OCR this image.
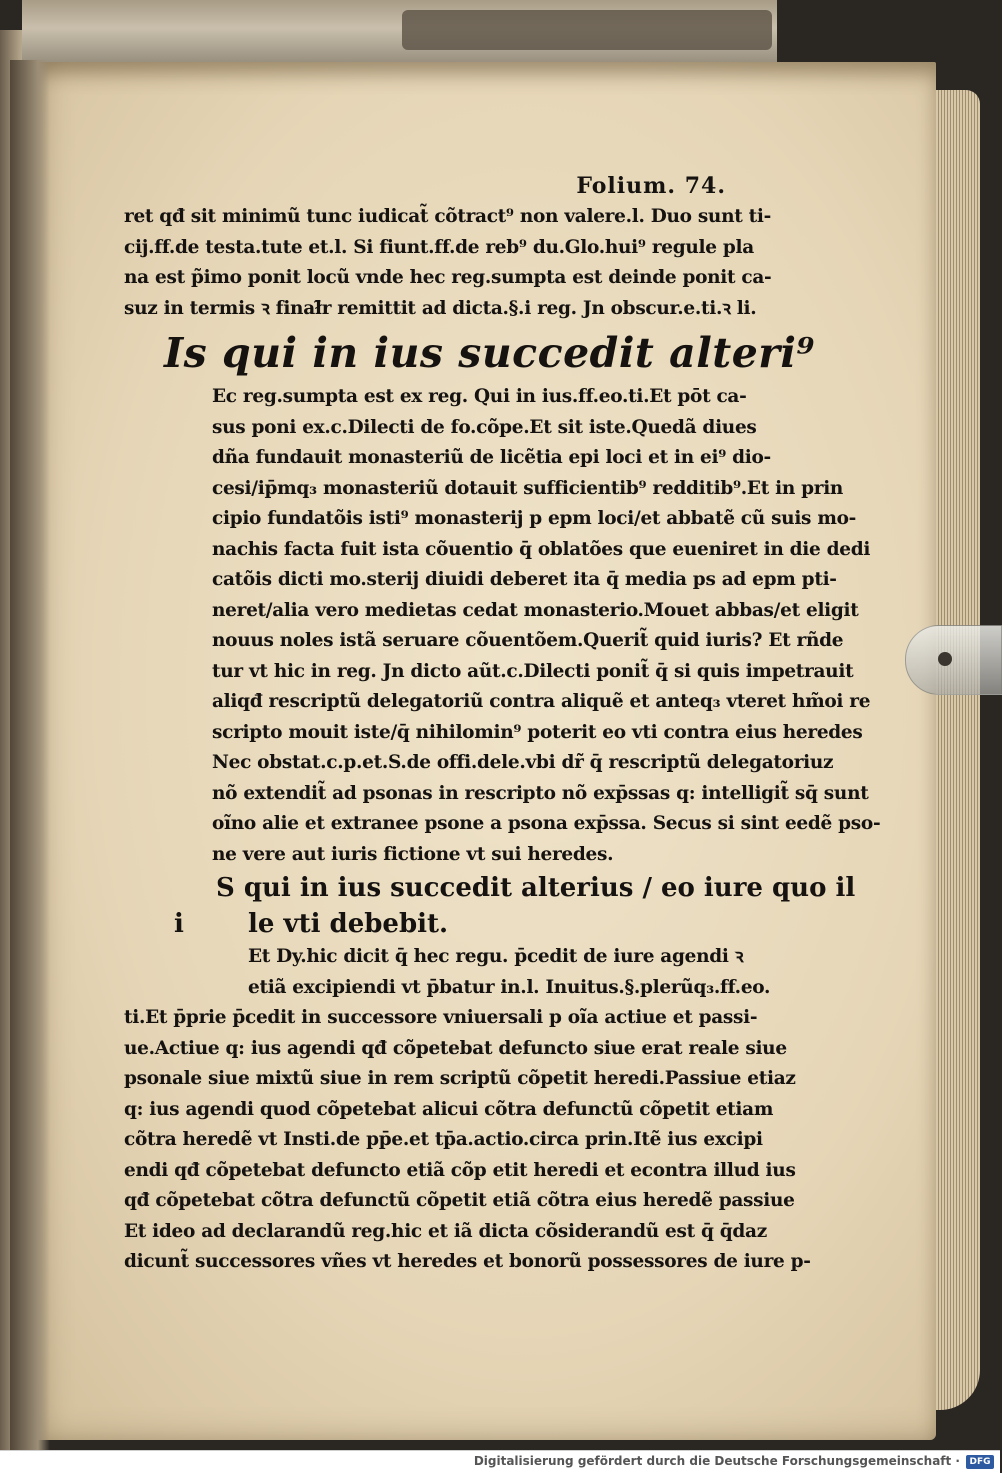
Folium. 74.
ret qđ sit minimũ tunc iudicat̃ cõtract⁹ non valere.l. Duo sunt ti-
cij.ff.de testa.tute et.l. Si fiunt.ff.de reb⁹ du.Glo.hui⁹ regule pla
na est p̃imo ponit locũ vnde hec reg.sumpta est deinde ponit ca-
suz in termis ꝛ finał̃r remittit ad dicta.§.i reg. Jn obscur.e.ti.ꝛ li.
Is qui in ius succedit alteri⁹
Ec reg.sumpta est ex reg. Qui in ius.ff.eo.ti.Et pōt ca-
sus poni ex.c.Dilecti de fo.cõpe.Et sit iste.Quedã diues
dña fundauit monasteriũ de licẽtia epi loci et in ei⁹ dio-
cesi/ip̄mq₃ monasteriũ dotauit sufficientib⁹ redditib⁹.Et in prin
cipio fundatõis isti⁹ monasterij p epm loci/et abbatẽ cũ suis mo-
nachis facta fuit ista cõuentio q̄ oblatões que eueniret in die dedi
catõis dicti mo.sterij diuidi deberet ita q̄ media ps ad epm pti-
neret/alia vero medietas cedat monasterio.Mouet abbas/et eligit
nouus noles istã seruare cõuentõem.Querit̃ quid iuris? Et rñde
tur vt hic in reg. Jn dicto aũt.c.Dilecti ponit̃ q̄ si quis impetrauit
aliqđ rescriptũ delegatoriũ contra aliquẽ et anteq₃ vteret hm̃oi re
scripto mouit iste/q̄ nihilomin⁹ poterit eo vti contra eius heredes
Nec obstat.c.p.et.S.de offi.dele.vbi dr̃ q̄ rescriptũ delegatoriuz
nõ extendit̃ ad psonas in rescripto nõ exp̄ssas q: intelligit̃ sq̄ sunt
oĩno alie et extranee psone a psona exp̄ssa. Secus si sint eedẽ pso-
ne vere aut iuris fictione vt sui heredes.
S qui in ius succedit alterius / eo iure quo il
i le vti debebit.
Et Dy.hic dicit q̄ hec regu. p̄cedit de iure agendi ꝛ
etiã excipiendi vt p̄batur in.l. Inuitus.§.plerũq₃.ff.eo.
ti.Et p̄prie p̄cedit in successore vniuersali p oĩa actiue et passi-
ue.Actiue q: ius agendi qđ cõpetebat defuncto siue erat reale siue
psonale siue mixtũ siue in rem scriptũ cõpetit heredi.Passiue etiaz
q: ius agendi quod cõpetebat alicui cõtra defunctũ cõpetit etiam
cõtra heredẽ vt Insti.de pp̄e.et tp̄a.actio.circa prin.Itẽ ius excipi
endi qđ cõpetebat defuncto etiã cõp etit heredi et econtra illud ius
qđ cõpetebat cõtra defunctũ cõpetit etiã cõtra eius heredẽ passiue
Et ideo ad declarandũ reg.hic et iã dicta cõsiderandũ est q̄ q̄daz
dicunt̃ successores vñes vt heredes et bonorũ possessores de iure p-
Digitalisierung gefördert durch die Deutsche Forschungsgemeinschaft ·	DFG
